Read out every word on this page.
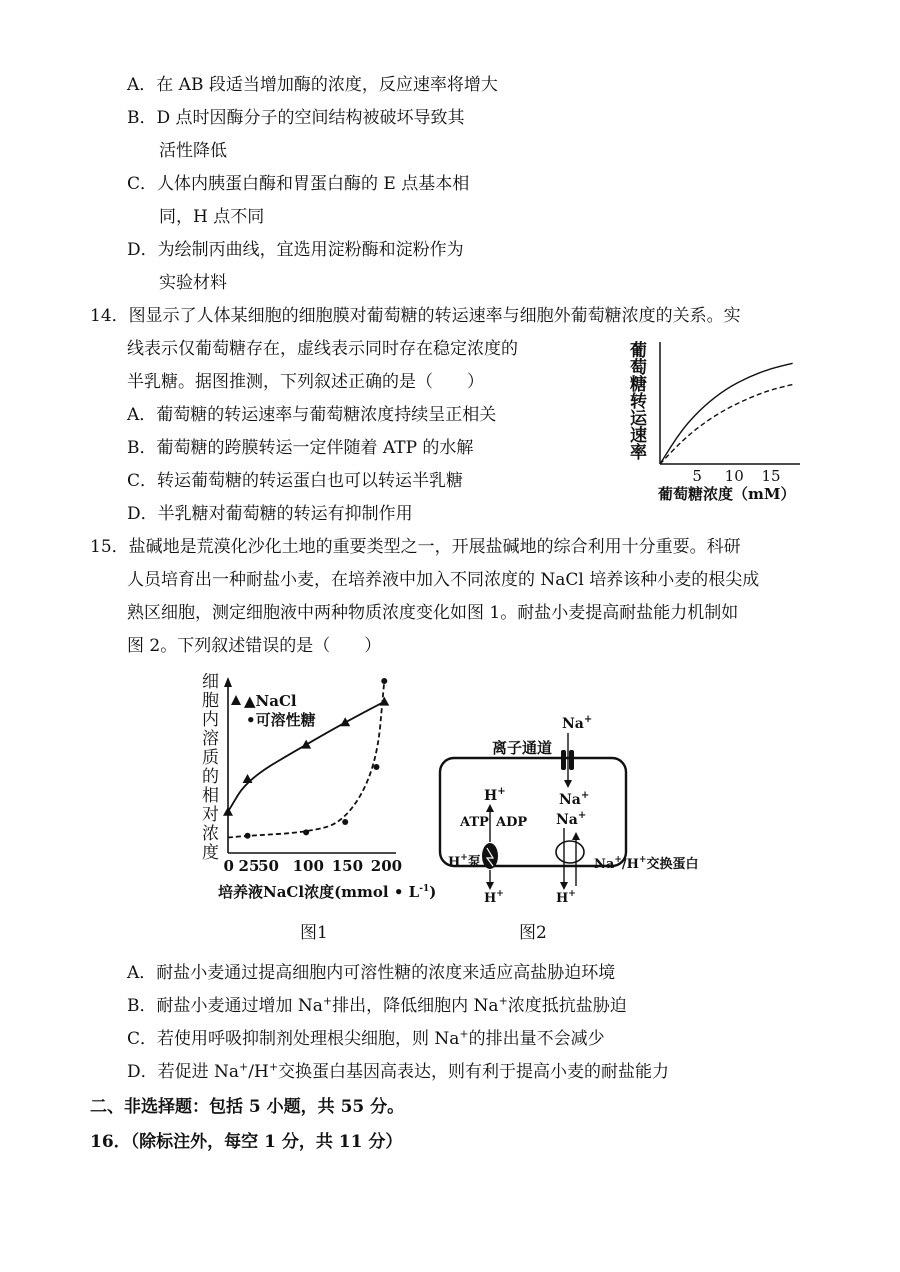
A．在 AB 段适当增加酶的浓度，反应速率将增大
B．D 点时因酶分子的空间结构被破坏导致其
活性降低
C．人体内胰蛋白酶和胃蛋白酶的 E 点基本相
同，H 点不同
D．为绘制丙曲线，宜选用淀粉酶和淀粉作为
实验材料
14．图显示了人体某细胞的细胞膜对葡萄糖的转运速率与细胞外葡萄糖浓度的关系。实
线表示仅葡萄糖存在，虚线表示同时存在稳定浓度的
半乳糖。据图推测，下列叙述正确的是（　　）
A．葡萄糖的转运速率与葡萄糖浓度持续呈正相关
B．葡萄糖的跨膜转运一定伴随着 ATP 的水解
C．转运葡萄糖的转运蛋白也可以转运半乳糖
D．半乳糖对葡萄糖的转运有抑制作用
葡
萄
糖
转
运
速
率
5 10 15
葡萄糖浓度（mM）
15．盐碱地是荒漠化沙化土地的重要类型之一，开展盐碱地的综合利用十分重要。科研
人员培育出一种耐盐小麦，在培养液中加入不同浓度的 NaCl 培养该种小麦的根尖成
熟区细胞，测定细胞液中两种物质浓度变化如图 1。耐盐小麦提高耐盐能力机制如
图 2。下列叙述错误的是（　　）
细
胞
内
溶
质
的
相
对
浓
度
0 25
50 100 150 200
▲NaCl
•可溶性糖
培养液NaCl浓度(mmol • $L^{-1}$)
图1
离子通道
Na+
Na+
H+
ATP ADP
H+泵
H+
Na+
H+
Na+/H+交换蛋白
图2
A．耐盐小麦通过提高细胞内可溶性糖的浓度来适应高盐胁迫环境
B．耐盐小麦通过增加 Na+排出，降低细胞内 Na+浓度抵抗盐胁迫
C．若使用呼吸抑制剂处理根尖细胞，则 Na+的排出量不会减少
D．若促进 Na+/H+交换蛋白基因高表达，则有利于提高小麦的耐盐能力
二、非选择题：包括 5 小题，共 55 分。
16．（除标注外，每空 1 分，共 11 分）
